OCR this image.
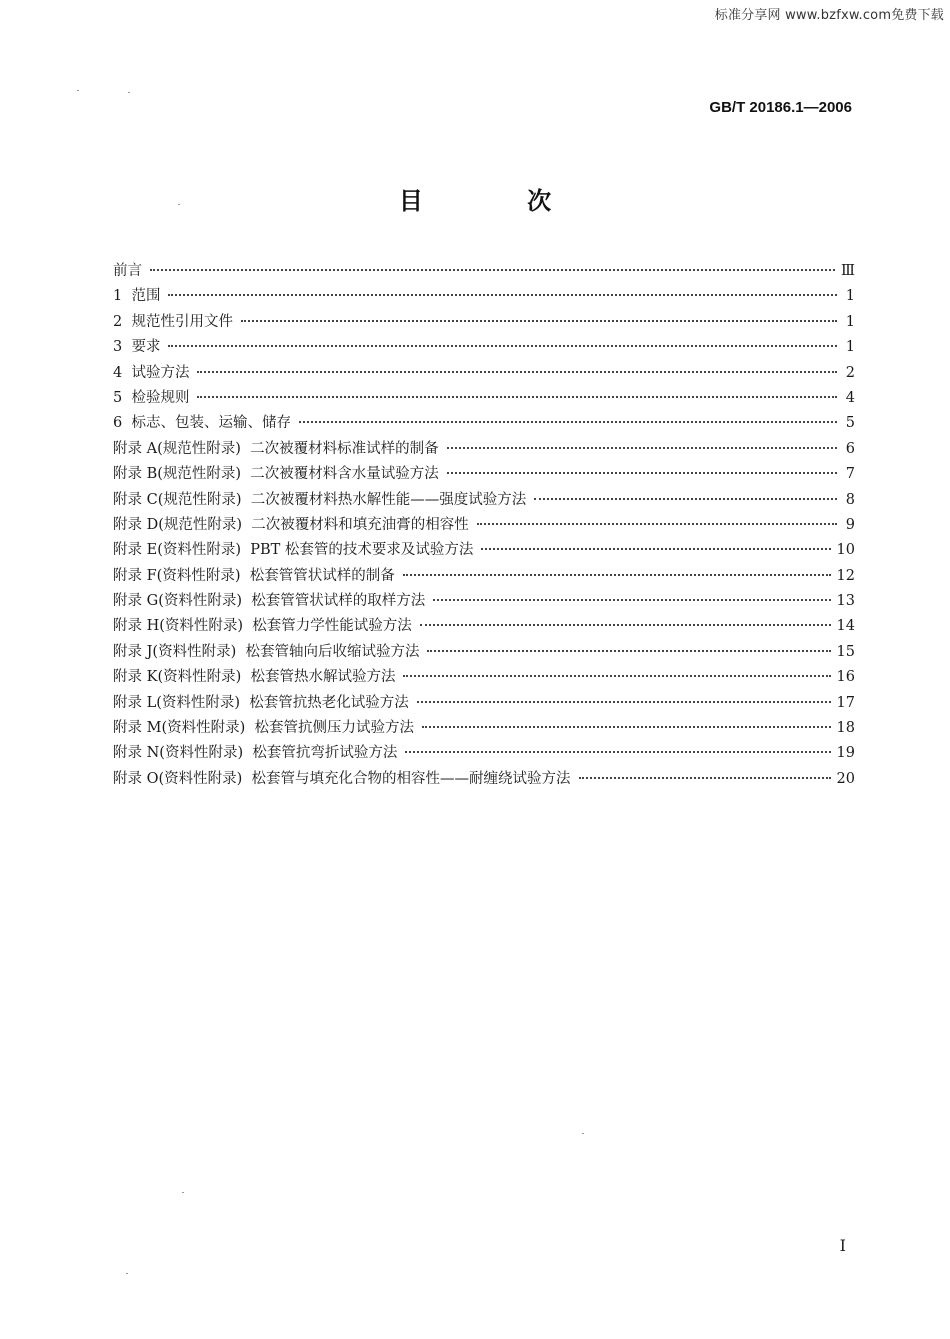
标准分享网 www.bzfxw.com免费下载
GB/T 20186.1—2006
目 次
前言	Ⅲ
1  范围	1
2  规范性引用文件	1
3  要求	1
4  试验方法	2
5  检验规则	4
6  标志、包装、运输、储存	5
附录 A(规范性附录)  二次被覆材料标准试样的制备	6
附录 B(规范性附录)  二次被覆材料含水量试验方法	7
附录 C(规范性附录)  二次被覆材料热水解性能——强度试验方法	8
附录 D(规范性附录)  二次被覆材料和填充油膏的相容性	9
附录 E(资料性附录)  PBT 松套管的技术要求及试验方法	10
附录 F(资料性附录)  松套管管状试样的制备	12
附录 G(资料性附录)  松套管管状试样的取样方法	13
附录 H(资料性附录)  松套管力学性能试验方法	14
附录 J(资料性附录)  松套管轴向后收缩试验方法	15
附录 K(资料性附录)  松套管热水解试验方法	16
附录 L(资料性附录)  松套管抗热老化试验方法	17
附录 M(资料性附录)  松套管抗侧压力试验方法	18
附录 N(资料性附录)  松套管抗弯折试验方法	19
附录 O(资料性附录)  松套管与填充化合物的相容性——耐缠绕试验方法	20
I
